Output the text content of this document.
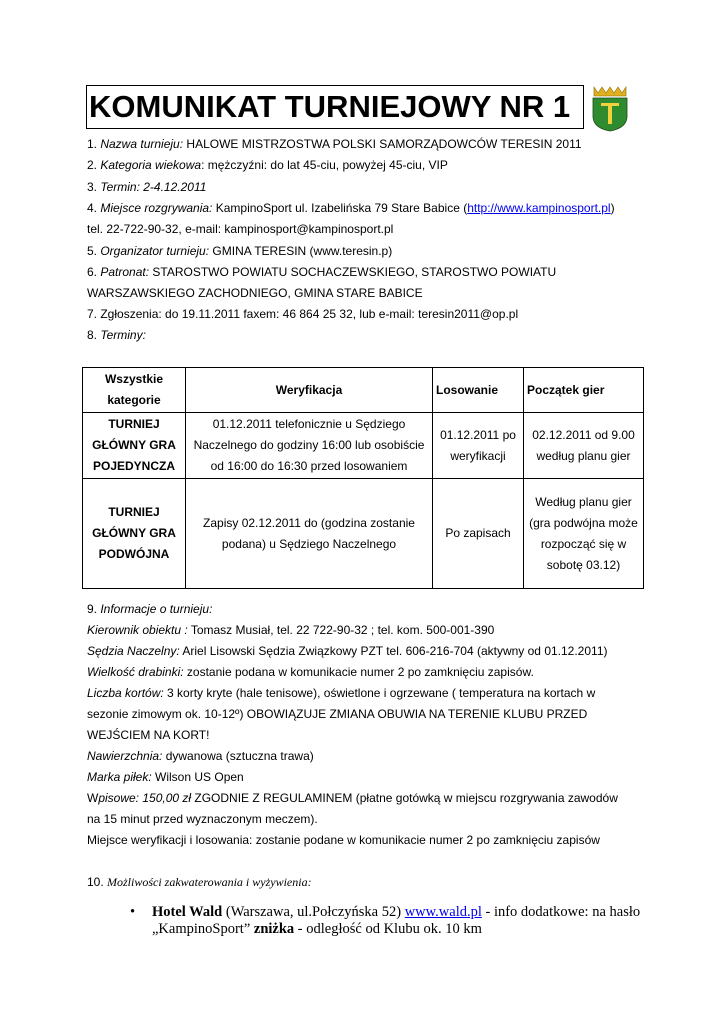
KOMUNIKAT TURNIEJOWY NR 1
1. Nazwa turnieju: HALOWE MISTRZOSTWA POLSKI SAMORZĄDOWCÓW TERESIN 2011
2. Kategoria wiekowa: mężczyźni: do lat 45-ciu, powyżej 45-ciu, VIP
3. Termin: 2-4.12.2011
4. Miejsce rozgrywania: KampinoSport ul. Izabelińska 79 Stare Babice (http://www.kampinosport.pl)
tel. 22-722-90-32, e-mail: kampinosport@kampinosport.pl
5. Organizator turnieju: GMINA TERESIN (www.teresin.p)
6. Patronat: STAROSTWO POWIATU SOCHACZEWSKIEGO, STAROSTWO POWIATU
WARSZAWSKIEGO ZACHODNIEGO, GMINA STARE BABICE
7. Zgłoszenia: do 19.11.2011 faxem: 46 864 25 32, lub e-mail: teresin2011@op.pl
8. Terminy:
Wszystkie kategorie	Weryfikacja	Losowanie	Początek gier
TURNIEJ GŁÓWNY GRA POJEDYNCZA	01.12.2011 telefonicznie u Sędziego Naczelnego do godziny 16:00 lub osobiście od 16:00 do 16:30 przed losowaniem	01.12.2011 po weryfikacji	02.12.2011 od 9.00 według planu gier
TURNIEJ GŁÓWNY GRA PODWÓJNA	Zapisy 02.12.2011 do (godzina zostanie podana) u Sędziego Naczelnego	Po zapisach	Według planu gier (gra podwójna może rozpocząć się w sobotę 03.12)
9. Informacje o turnieju:
Kierownik obiektu : Tomasz Musiał, tel. 22 722-90-32 ; tel. kom. 500-001-390
Sędzia Naczelny: Ariel Lisowski Sędzia Związkowy PZT tel. 606-216-704 (aktywny od 01.12.2011)
Wielkość drabinki: zostanie podana w komunikacie numer 2 po zamknięciu zapisów.
Liczba kortów: 3 korty kryte (hale tenisowe), oświetlone i ogrzewane ( temperatura na kortach w
sezonie zimowym ok. 10-12º) OBOWIĄZUJE ZMIANA OBUWIA NA TERENIE KLUBU PRZED
WEJŚCIEM NA KORT!
Nawierzchnia: dywanowa (sztuczna trawa)
Marka piłek: Wilson US Open
Wpisowe: 150,00 zł ZGODNIE Z REGULAMINEM (płatne gotówką w miejscu rozgrywania zawodów
na 15 minut przed wyznaczonym meczem).
Miejsce weryfikacji i losowania: zostanie podane w komunikacie numer 2 po zamknięciu zapisów
10. Możliwości zakwaterowania i wyżywienia:
• Hotel Wald (Warszawa, ul.Połczyńska 52) www.wald.pl - info dodatkowe: na hasło „KampinoSport” zniżka - odległość od Klubu ok. 10 km
